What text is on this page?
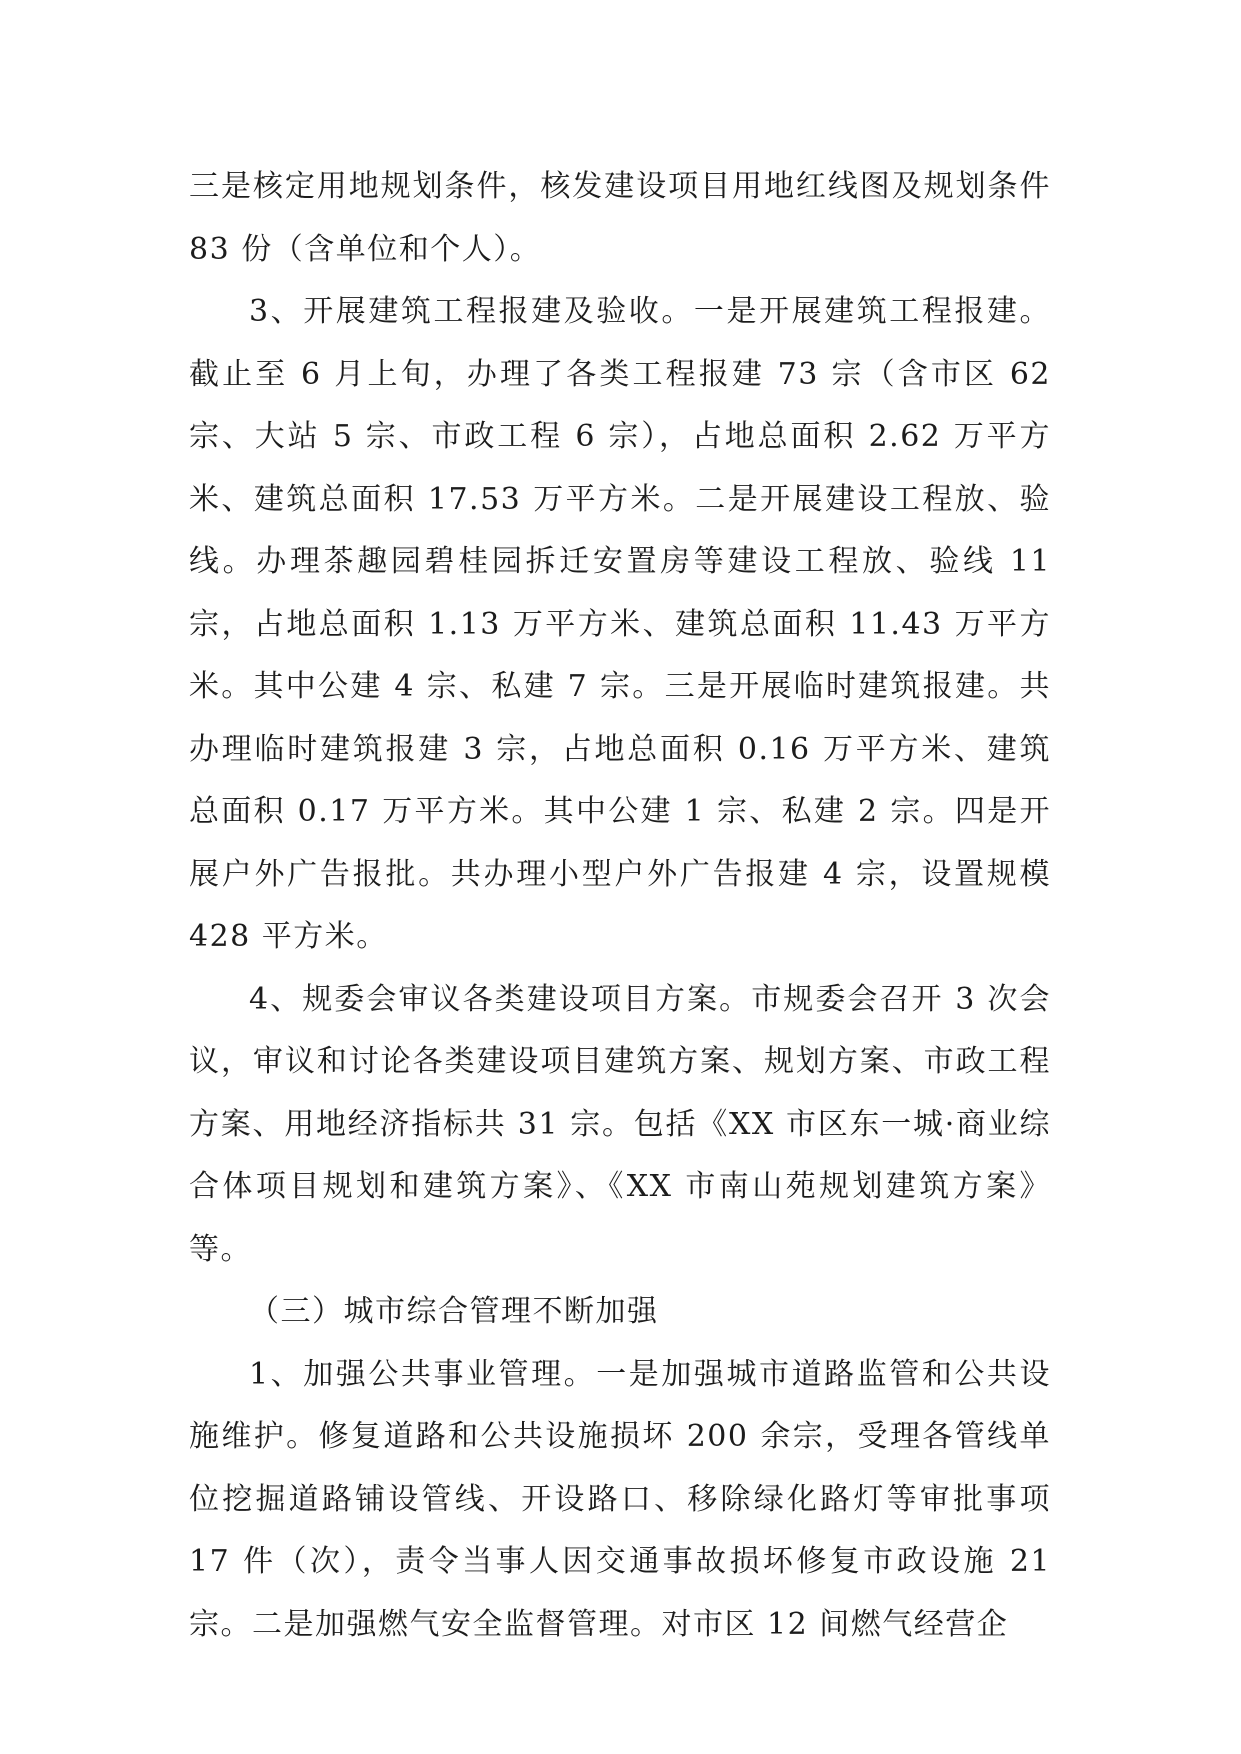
三是核定用地规划条件，核发建设项目用地红线图及规划条件 83 份（含单位和个人）。

3、开展建筑工程报建及验收。一是开展建筑工程报建。截止至 6 月上旬，办理了各类工程报建 73 宗（含市区 62 宗、大站 5 宗、市政工程 6 宗），占地总面积 2.62 万平方米、建筑总面积 17.53 万平方米。二是开展建设工程放、验线。办理茶趣园碧桂园拆迁安置房等建设工程放、验线 11 宗，占地总面积 1.13 万平方米、建筑总面积 11.43 万平方米。其中公建 4 宗、私建 7 宗。三是开展临时建筑报建。共办理临时建筑报建 3 宗，占地总面积 0.16 万平方米、建筑总面积 0.17 万平方米。其中公建 1 宗、私建 2 宗。四是开展户外广告报批。共办理小型户外广告报建 4 宗，设置规模 428 平方米。

4、规委会审议各类建设项目方案。市规委会召开 3 次会议，审议和讨论各类建设项目建筑方案、规划方案、市政工程方案、用地经济指标共 31 宗。包括《XX 市区东一城·商业综合体项目规划和建筑方案》、《XX 市南山苑规划建筑方案》等。

（三）城市综合管理不断加强

1、加强公共事业管理。一是加强城市道路监管和公共设施维护。修复道路和公共设施损坏 200 余宗，受理各管线单位挖掘道路铺设管线、开设路口、移除绿化路灯等审批事项 17 件（次），责令当事人因交通事故损坏修复市政设施 21 宗。二是加强燃气安全监督管理。对市区 12 间燃气经营企
